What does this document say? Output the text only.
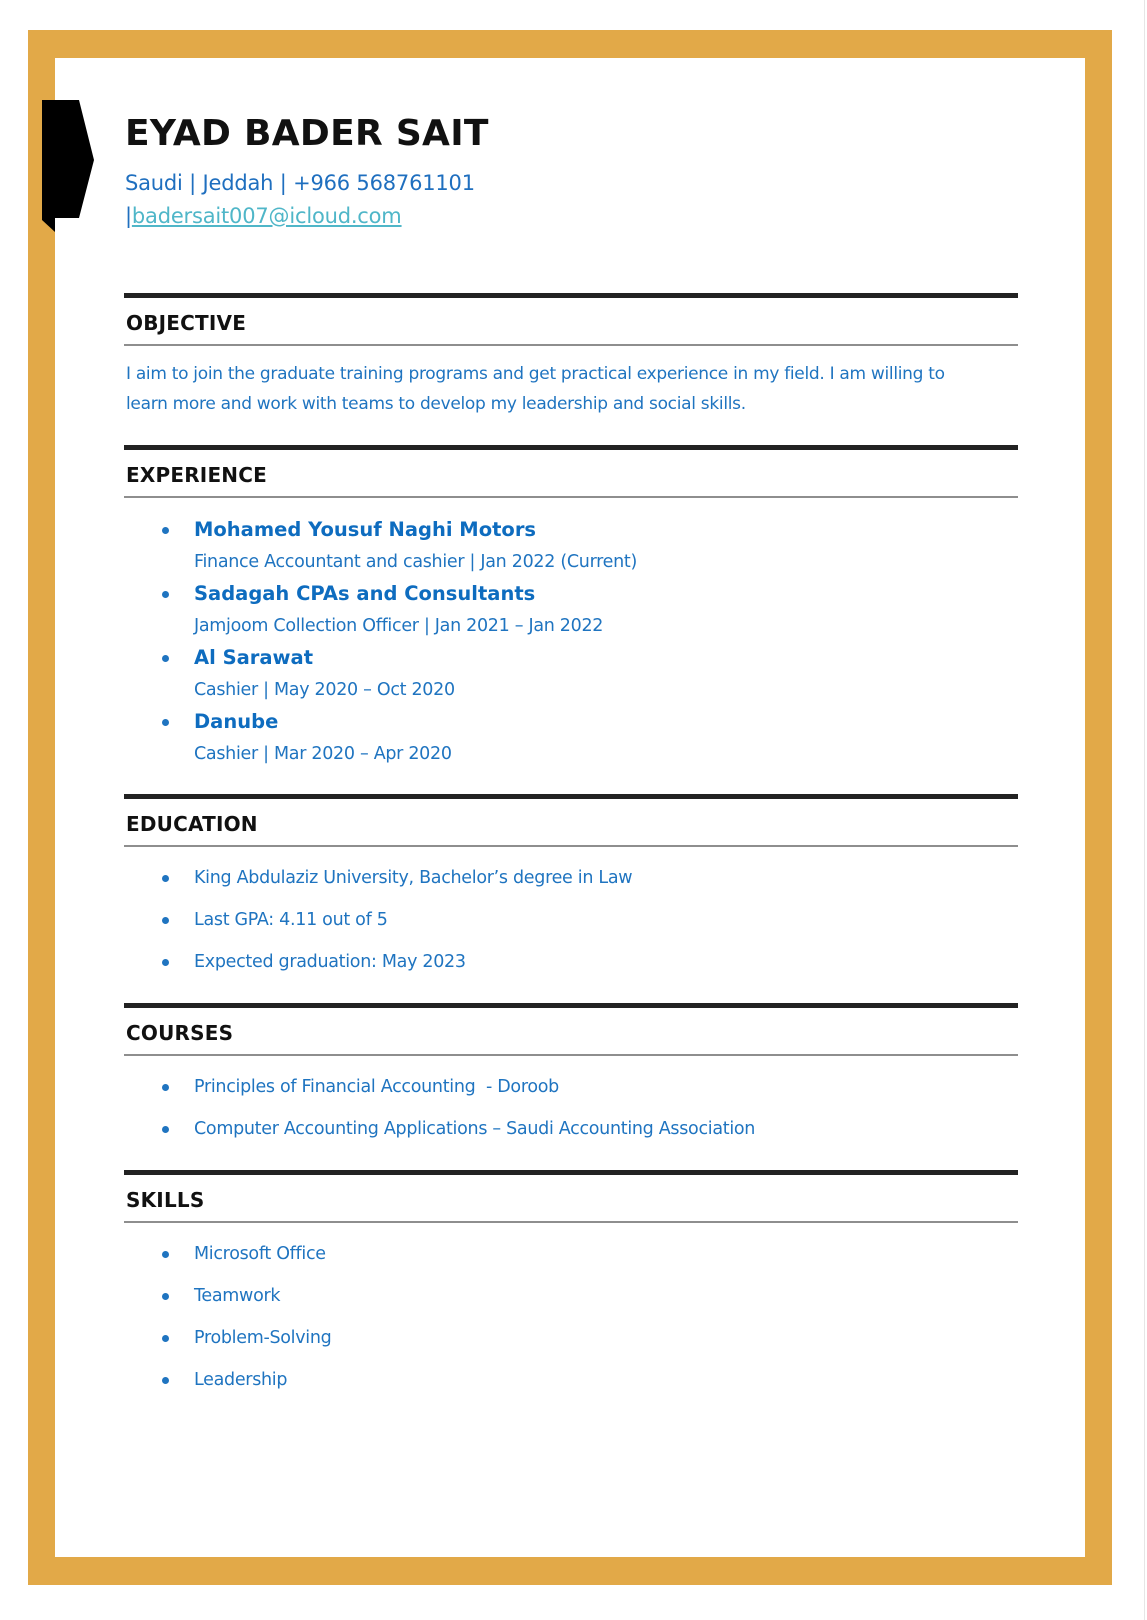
EYAD BADER SAIT

Saudi | Jeddah | +966 568761101

|badersait007@icloud.com

OBJECTIVE

I aim to join the graduate training programs and get practical experience in my field. I am willing to

learn more and work with teams to develop my leadership and social skills.

EXPERIENCE
Mohamed Yousuf Naghi Motors
Finance Accountant and cashier | Jan 2022 (Current)
Sadagah CPAs and Consultants
Jamjoom Collection Officer | Jan 2021 – Jan 2022
Al Sarawat
Cashier | May 2020 – Oct 2020
Danube
Cashier | Mar 2020 – Apr 2020
EDUCATION
King Abdulaziz University, Bachelor’s degree in Law
Last GPA: 4.11 out of 5
Expected graduation: May 2023
COURSES
Principles of Financial Accounting  - Doroob
Computer Accounting Applications – Saudi Accounting Association
SKILLS
Microsoft Office
Teamwork
Problem-Solving
Leadership
